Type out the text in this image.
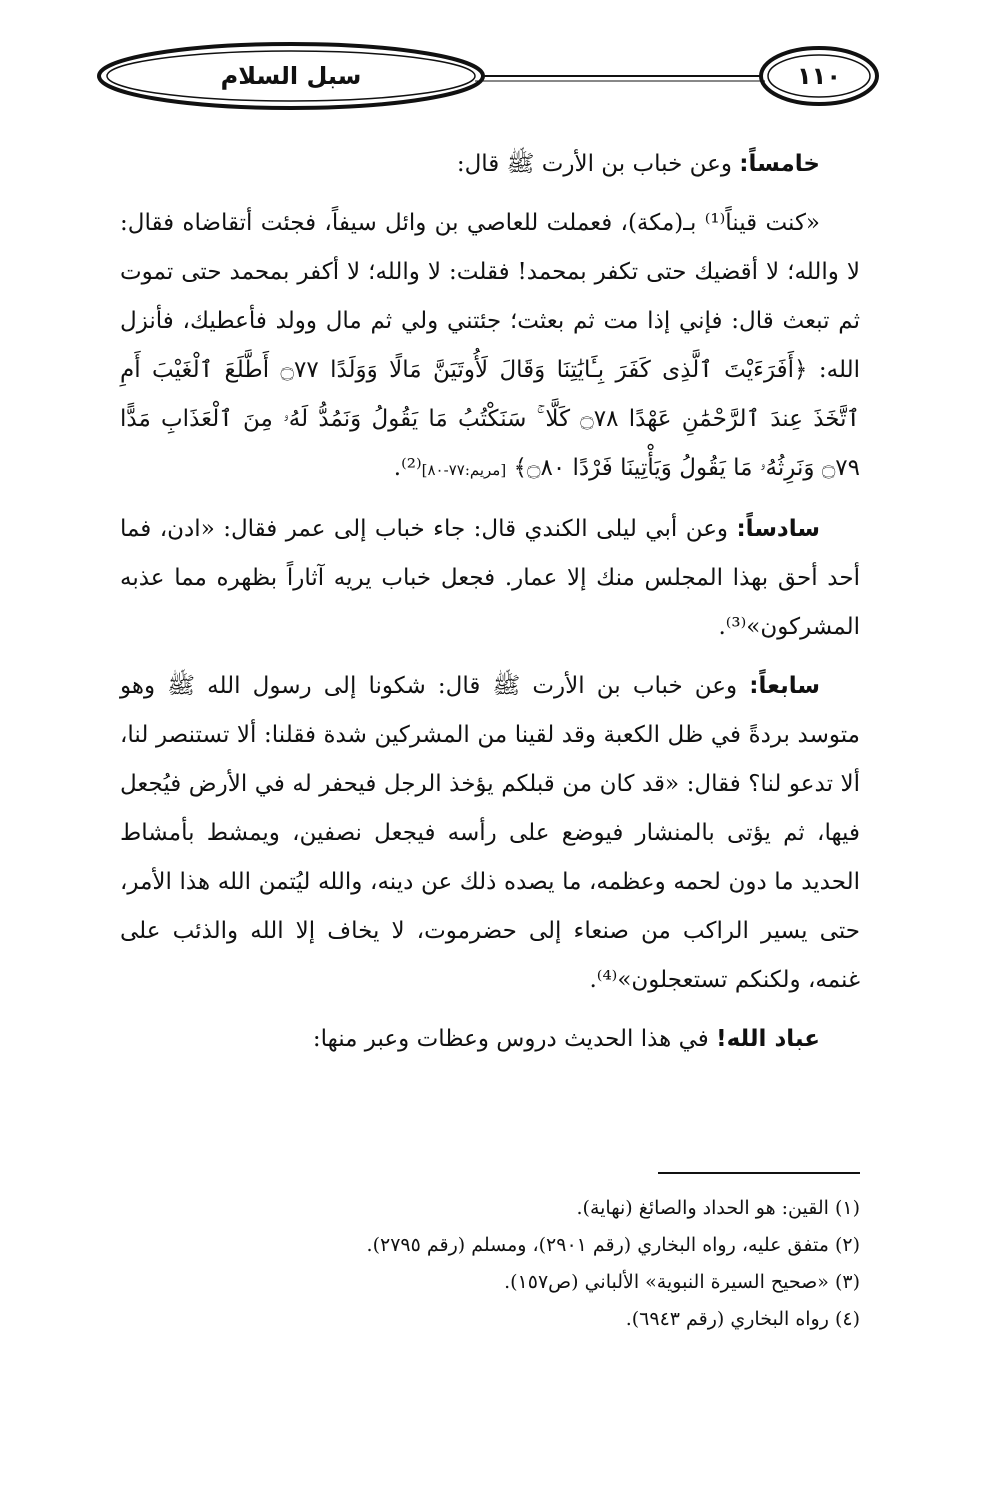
سبل السلام	١١٠

خامساً: وعن خباب بن الأرت ﷺ قال:

«كنت قيناً⁽¹⁾ بـ(مكة)، فعملت للعاصي بن وائل سيفاً، فجئت أتقاضاه فقال: لا والله؛ لا أقضيك حتى تكفر بمحمد! فقلت: لا والله؛ لا أكفر بمحمد حتى تموت ثم تبعث قال: فإني إذا مت ثم بعثت؛ جئتني ولي ثم مال وولد فأعطيك، فأنزل الله: ﴿أَفَرَءَيْتَ ٱلَّذِى كَفَرَ بِـَٔايَٰتِنَا وَقَالَ لَأُوتَيَنَّ مَالًا وَوَلَدًا ۝٧٧ أَطَّلَعَ ٱلْغَيْبَ أَمِ ٱتَّخَذَ عِندَ ٱلرَّحْمَٰنِ عَهْدًا ۝٧٨ كَلَّا ۚ سَنَكْتُبُ مَا يَقُولُ وَنَمُدُّ لَهُۥ مِنَ ٱلْعَذَابِ مَدًّا ۝٧٩ وَنَرِثُهُۥ مَا يَقُولُ وَيَأْتِينَا فَرْدًا ۝٨٠﴾ [مريم:٧٧-٨٠]⁽²⁾.

سادساً: وعن أبي ليلى الكندي قال: جاء خباب إلى عمر فقال: «ادن، فما أحد أحق بهذا المجلس منك إلا عمار. فجعل خباب يريه آثاراً بظهره مما عذبه المشركون»⁽³⁾.

سابعاً: وعن خباب بن الأرت ﷺ قال: شكونا إلى رسول الله ﷺ وهو متوسد بردةً في ظل الكعبة وقد لقينا من المشركين شدة فقلنا: ألا تستنصر لنا، ألا تدعو لنا؟ فقال: «قد كان من قبلكم يؤخذ الرجل فيحفر له في الأرض فيُجعل فيها، ثم يؤتى بالمنشار فيوضع على رأسه فيجعل نصفين، ويمشط بأمشاط الحديد ما دون لحمه وعظمه، ما يصده ذلك عن دينه، والله ليُتمن الله هذا الأمر، حتى يسير الراكب من صنعاء إلى حضرموت، لا يخاف إلا الله والذئب على غنمه، ولكنكم تستعجلون»⁽⁴⁾.

عباد الله! في هذا الحديث دروس وعظات وعبر منها:

(١) القين: هو الحداد والصائغ (نهاية).
(٢) متفق عليه، رواه البخاري (رقم ٢٩٠١)، ومسلم (رقم ٢٧٩٥).
(٣) «صحيح السيرة النبوية» الألباني (ص١٥٧).
(٤) رواه البخاري (رقم ٦٩٤٣).
